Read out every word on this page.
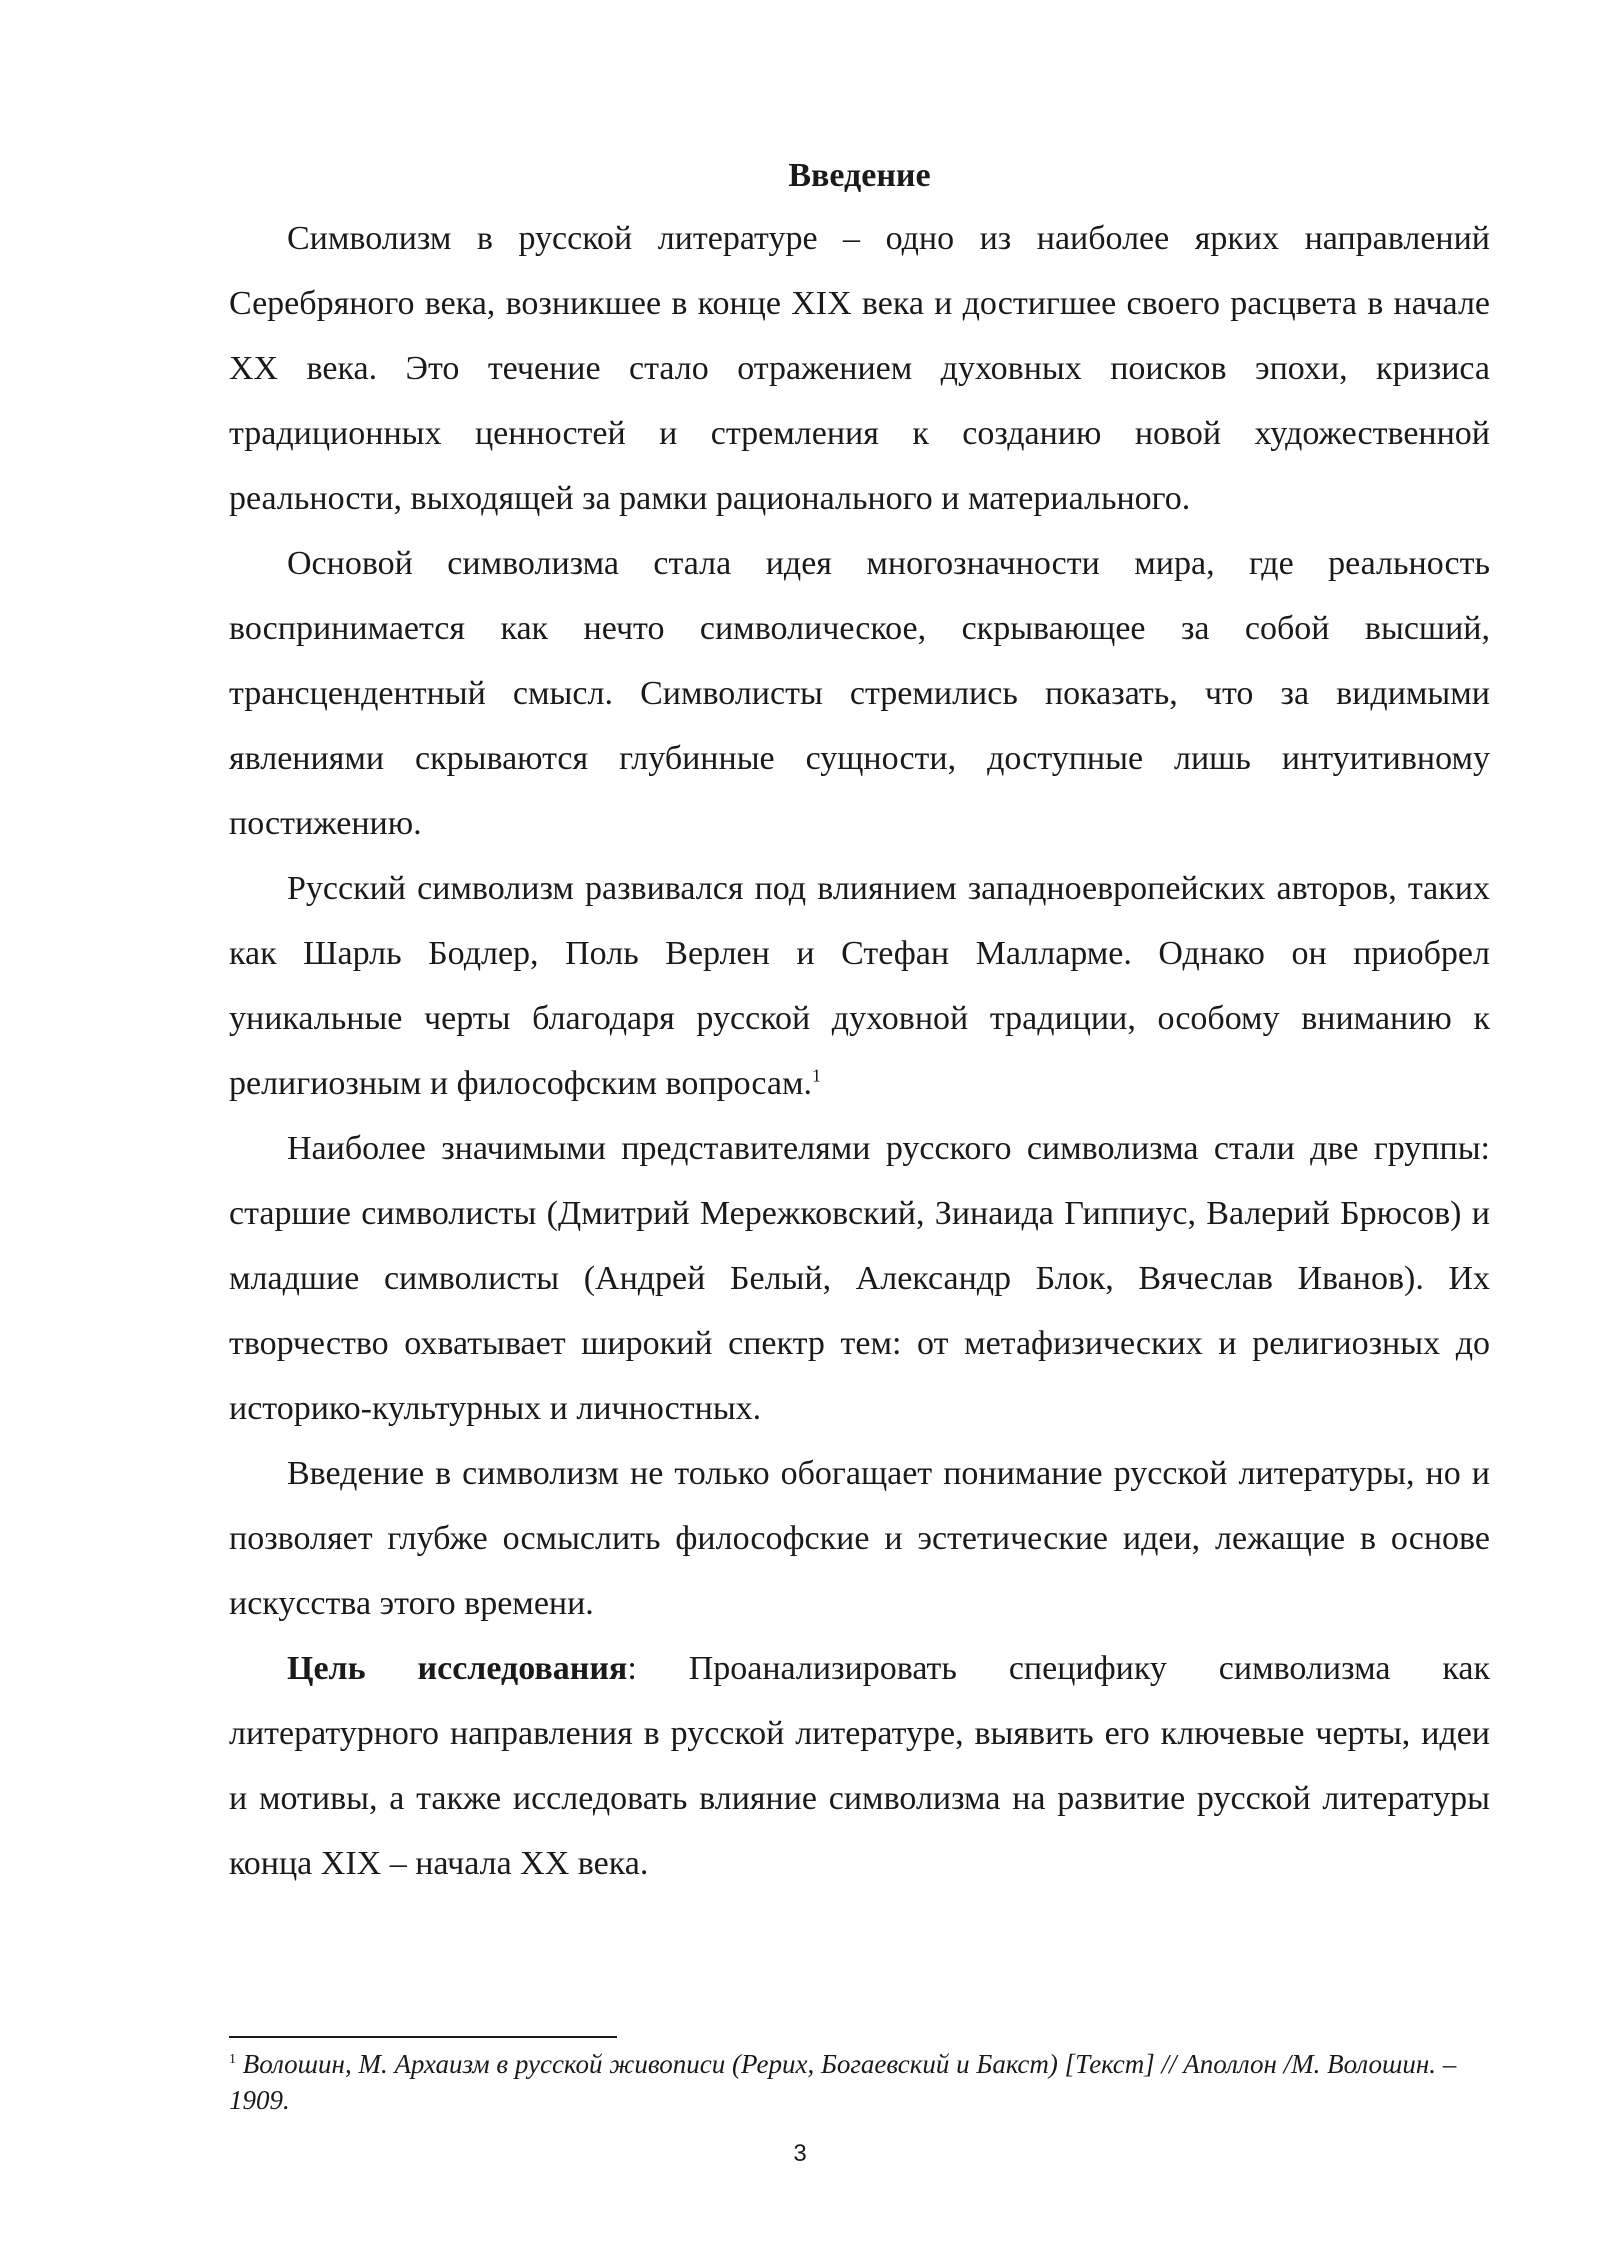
Введение

Символизм в русской литературе – одно из наиболее ярких направлений Серебряного века, возникшее в конце XIX века и достигшее своего расцвета в начале XX века. Это течение стало отражением духовных поисков эпохи, кризиса традиционных ценностей и стремления к созданию новой художественной реальности, выходящей за рамки рационального и материального.

Основой символизма стала идея многозначности мира, где реальность воспринимается как нечто символическое, скрывающее за собой высший, трансцендентный смысл. Символисты стремились показать, что за видимыми явлениями скрываются глубинные сущности, доступные лишь интуитивному постижению.

Русский символизм развивался под влиянием западноевропейских авторов, таких как Шарль Бодлер, Поль Верлен и Стефан Малларме. Однако он приобрел уникальные черты благодаря русской духовной традиции, особому вниманию к религиозным и философским вопросам.$^1$

Наиболее значимыми представителями русского символизма стали две группы: старшие символисты (Дмитрий Мережковский, Зинаида Гиппиус, Валерий Брюсов) и младшие символисты (Андрей Белый, Александр Блок, Вячеслав Иванов). Их творчество охватывает широкий спектр тем: от метафизических и религиозных до историко-культурных и личностных.

Введение в символизм не только обогащает понимание русской литературы, но и позволяет глубже осмыслить философские и эстетические идеи, лежащие в основе искусства этого времени.

Цель исследования: Проанализировать специфику символизма как литературного направления в русской литературе, выявить его ключевые черты, идеи и мотивы, а также исследовать влияние символизма на развитие русской литературы конца XIX – начала XX века.

$^1$ Волошин, М. Архаизм в русской живописи (Рерих, Богаевский и Бакст) [Текст] // Аполлон /М. Волошин. –1909.

3
